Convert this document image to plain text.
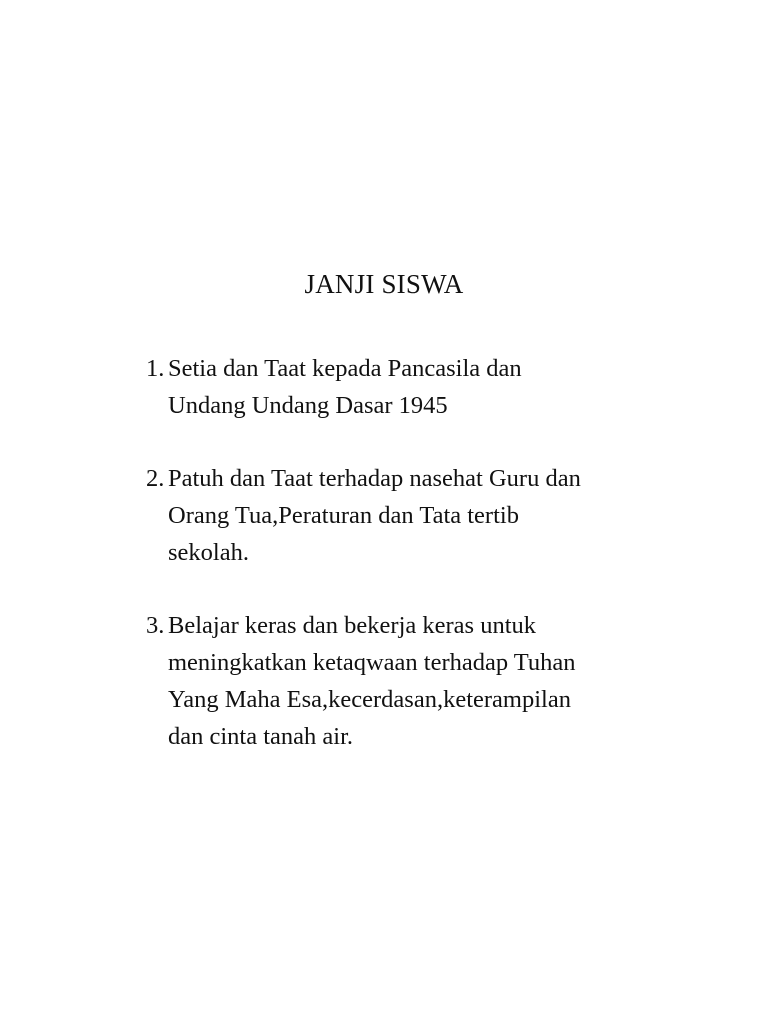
JANJI SISWA
1. Setia dan Taat kepada Pancasila dan
Undang Undang Dasar 1945
2. Patuh dan Taat terhadap nasehat Guru dan
Orang Tua,Peraturan dan Tata tertib
sekolah.
3. Belajar keras dan bekerja keras untuk
meningkatkan ketaqwaan terhadap Tuhan
Yang Maha Esa,kecerdasan,keterampilan
dan cinta tanah air.
